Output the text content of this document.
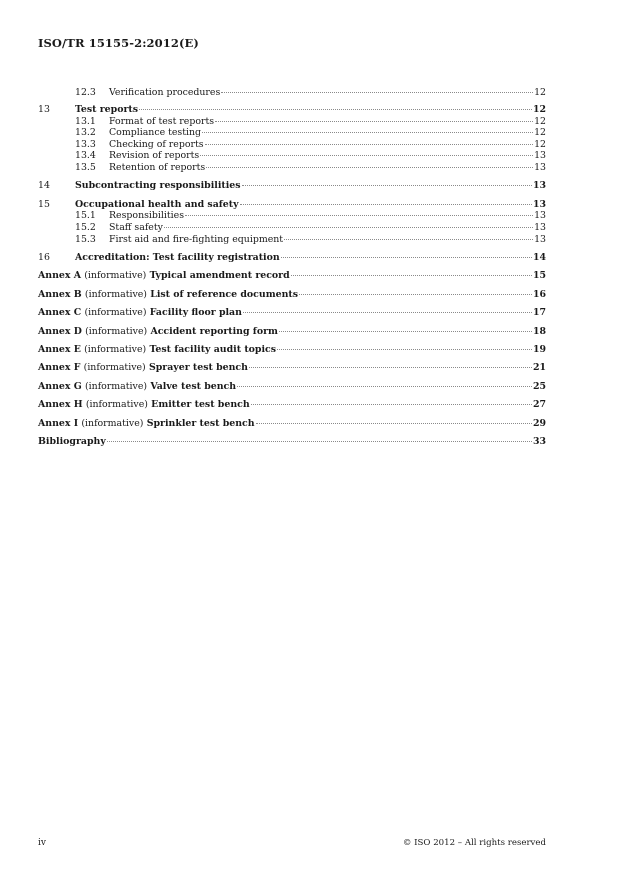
ISO/TR 15155-2:2012(E)
12.3	Verification procedures	12
13	Test reports	12
13.1	Format of test reports	12
13.2	Compliance testing	12
13.3	Checking of reports	12
13.4	Revision of reports	13
13.5	Retention of reports	13
14	Subcontracting responsibilities	13
15	Occupational health and safety	13
15.1	Responsibilities	13
15.2	Staff safety	13
15.3	First aid and fire-fighting equipment	13
16	Accreditation: Test facility registration	14
Annex A (informative) Typical amendment record	15
Annex B (informative) List of reference documents	16
Annex C (informative) Facility floor plan	17
Annex D (informative) Accident reporting form	18
Annex E (informative) Test facility audit topics	19
Annex F (informative) Sprayer test bench	21
Annex G (informative) Valve test bench	25
Annex H (informative) Emitter test bench	27
Annex I (informative) Sprinkler test bench	29
Bibliography	33
iv	© ISO 2012 – All rights reserved
